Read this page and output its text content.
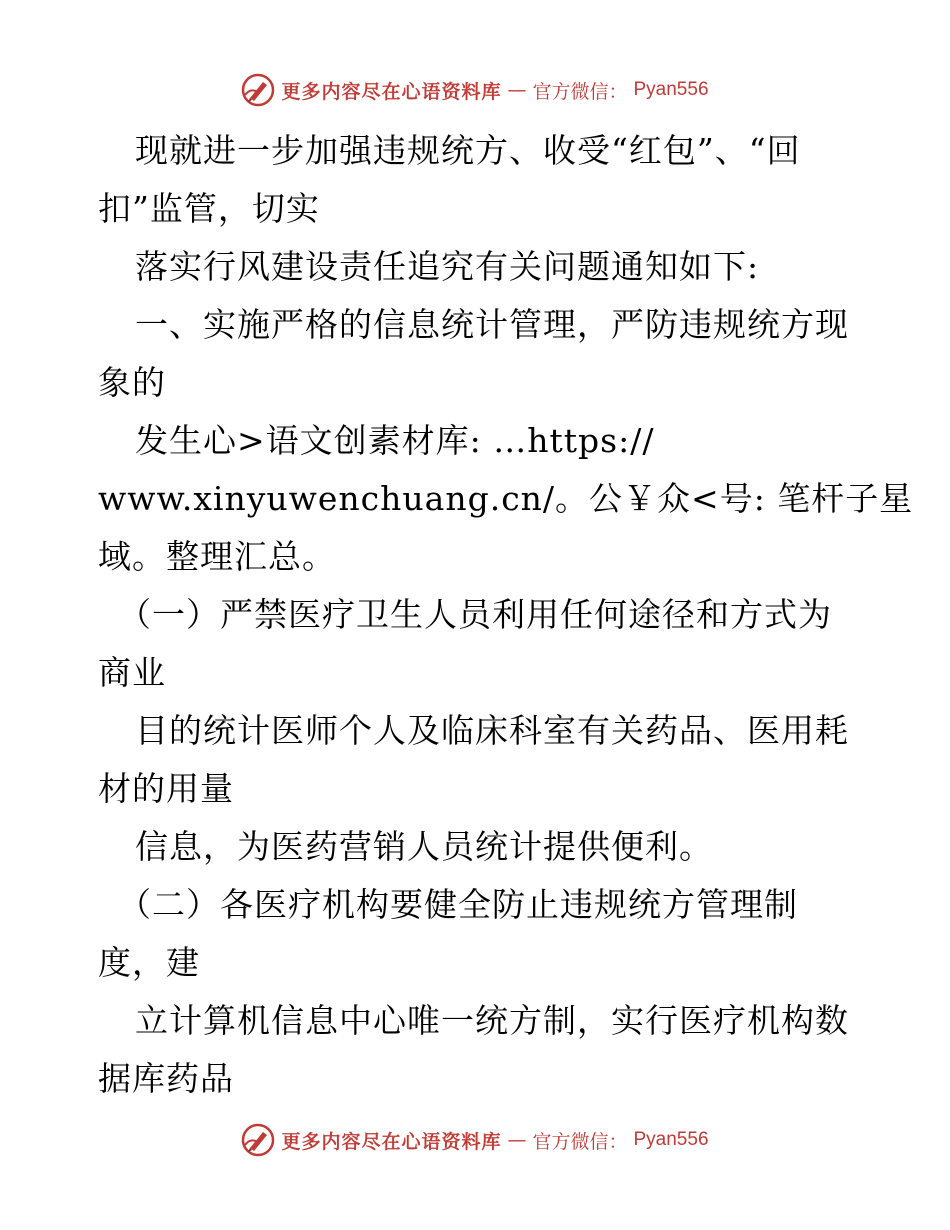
更多内容尽在心语资料库 — 官方微信： Pyan556
现就进一步加强违规统方、收受“红包”、“回
扣”监管，切实
落实行风建设责任追究有关问题通知如下:
一、实施严格的信息统计管理，严防违规统方现
象的
发生心>语文创素材库: …https://
www.xinyuwenchuang.cn/。公￥众<号: 笔杆子星
域。整理汇总。
（一）严禁医疗卫生人员利用任何途径和方式为
商业
目的统计医师个人及临床科室有关药品、医用耗
材的用量
信息，为医药营销人员统计提供便利。
（二）各医疗机构要健全防止违规统方管理制
度，建
立计算机信息中心唯一统方制，实行医疗机构数
据库药品
更多内容尽在心语资料库 — 官方微信： Pyan556
